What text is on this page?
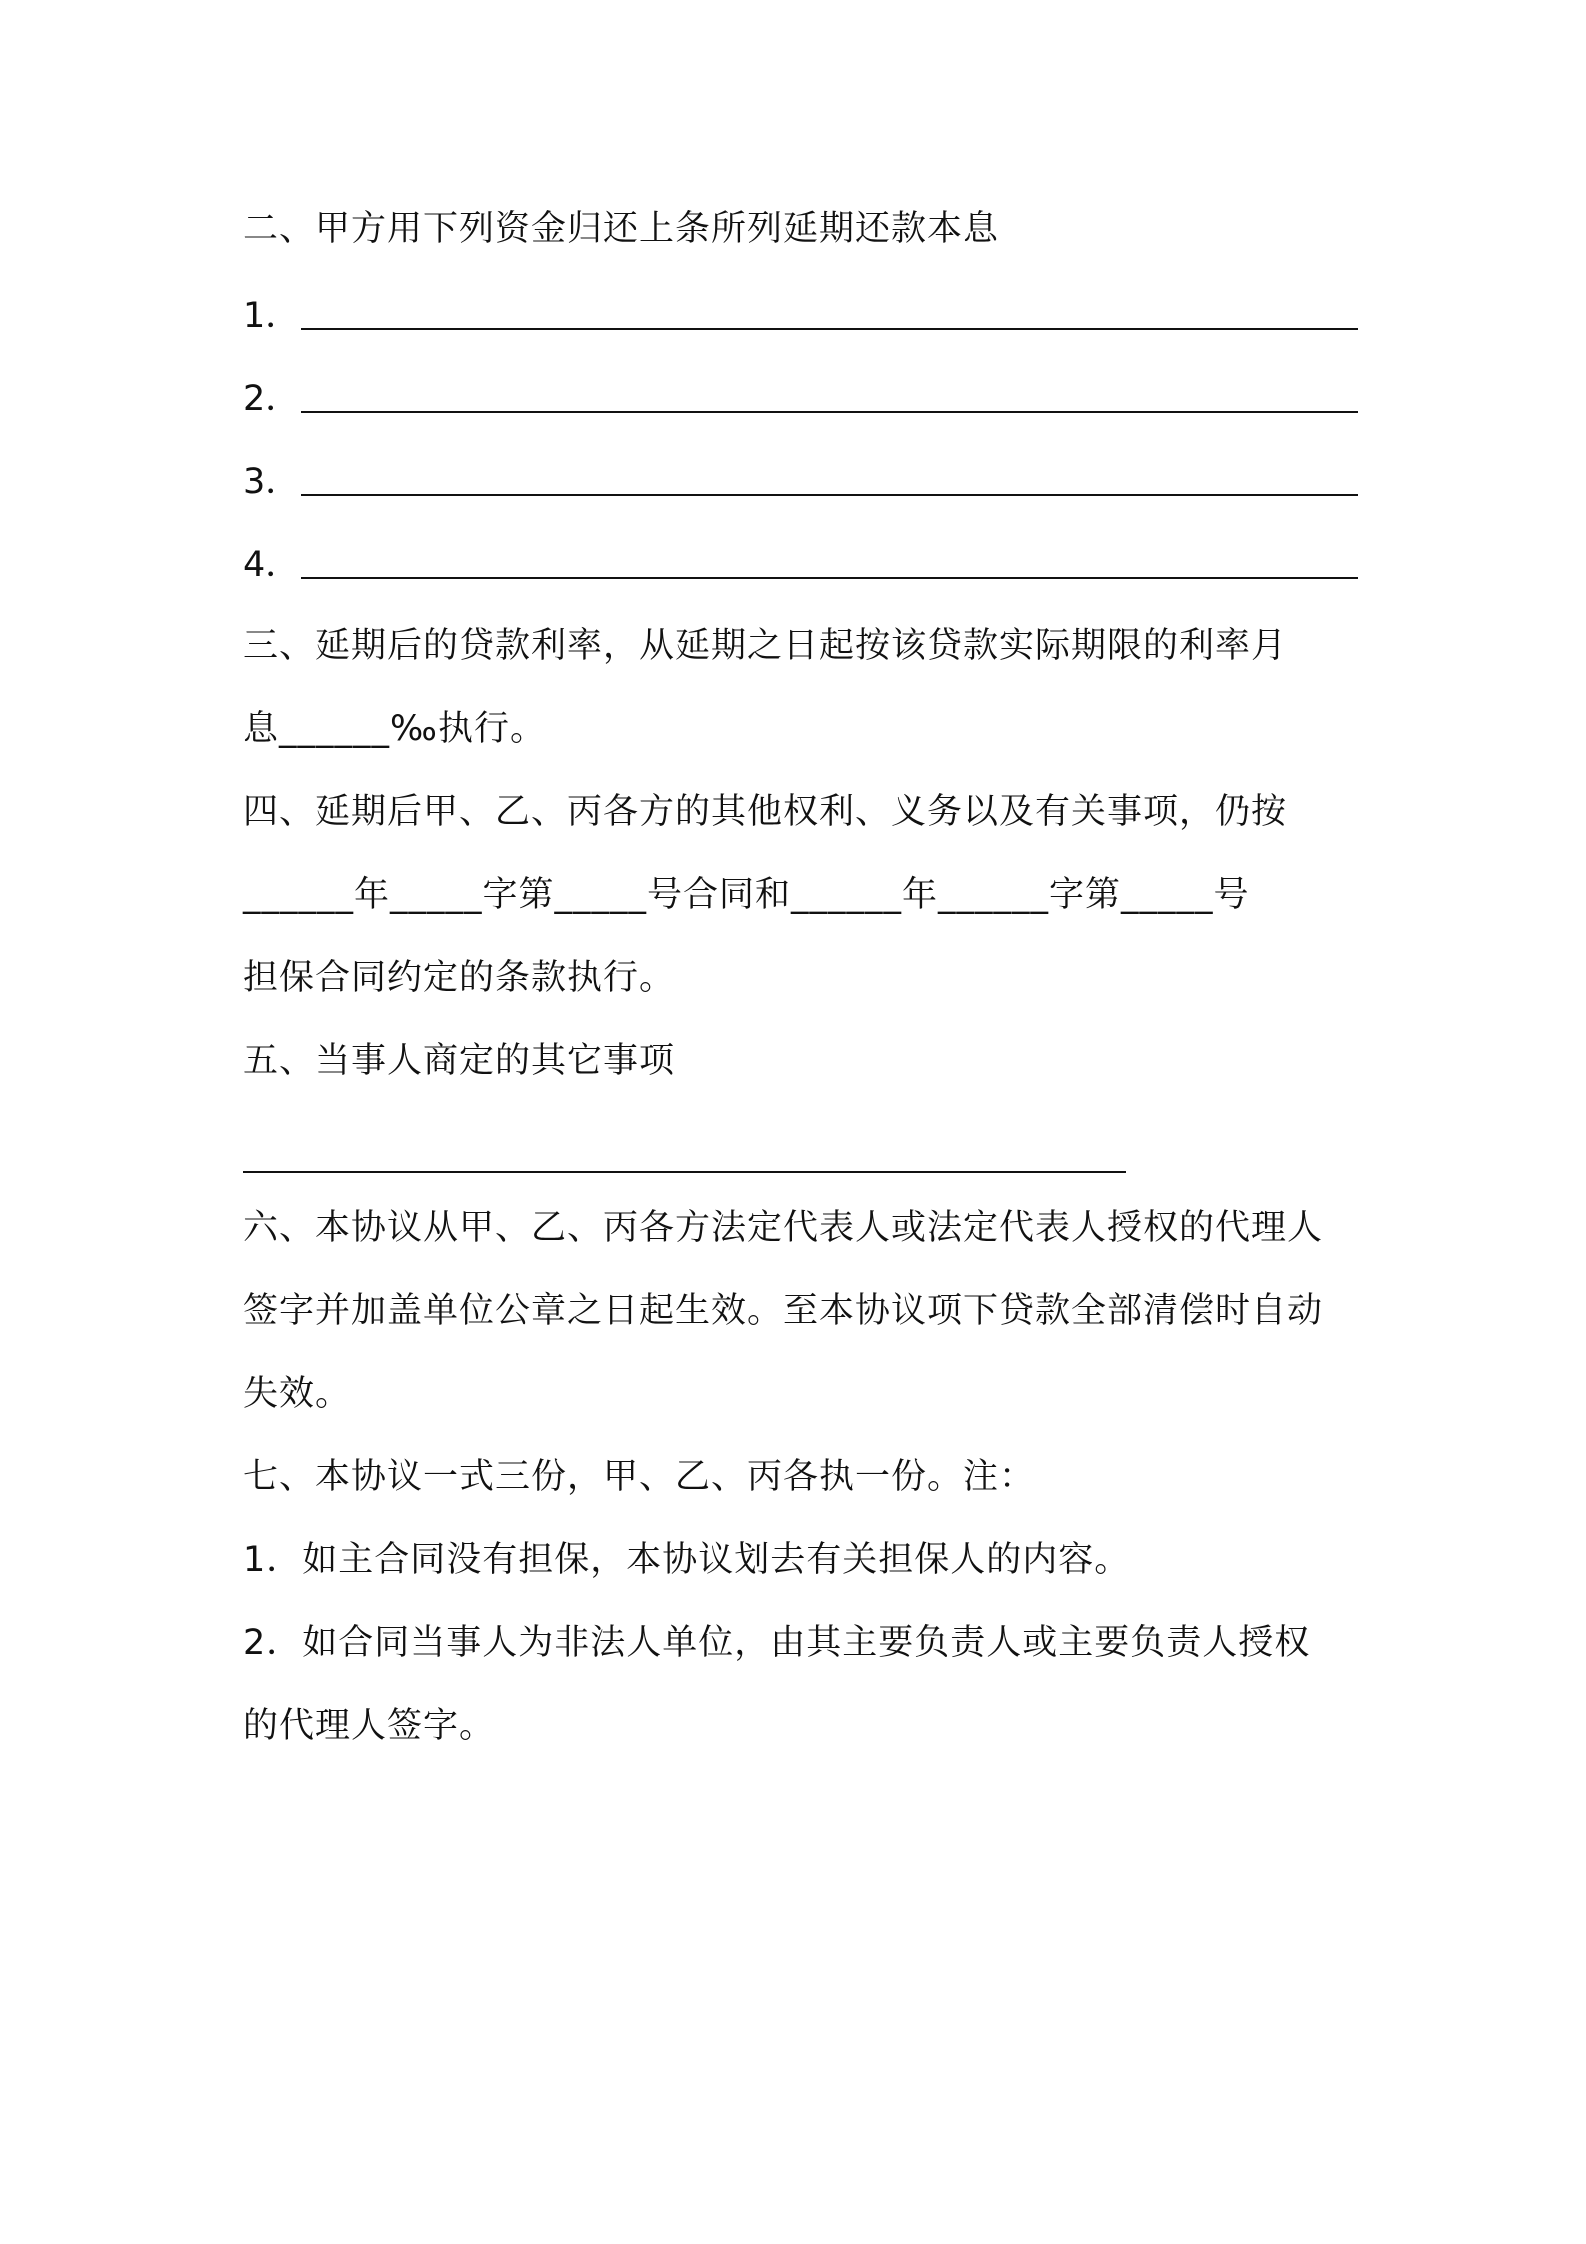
二、甲方用下列资金归还上条所列延期还款本息
1．
2．
3．
4．
三、延期后的贷款利率，从延期之日起按该贷款实际期限的利率月
息______‰执行。
四、延期后甲、乙、丙各方的其他权利、义务以及有关事项，仍按
______年_____字第_____号合同和______年______字第_____号
担保合同约定的条款执行。
五、当事人商定的其它事项
六、本协议从甲、乙、丙各方法定代表人或法定代表人授权的代理人
签字并加盖单位公章之日起生效。至本协议项下贷款全部清偿时自动
失效。
七、本协议一式三份，甲、乙、丙各执一份。注：
1．如主合同没有担保，本协议划去有关担保人的内容。
2．如合同当事人为非法人单位，由其主要负责人或主要负责人授权
的代理人签字。
